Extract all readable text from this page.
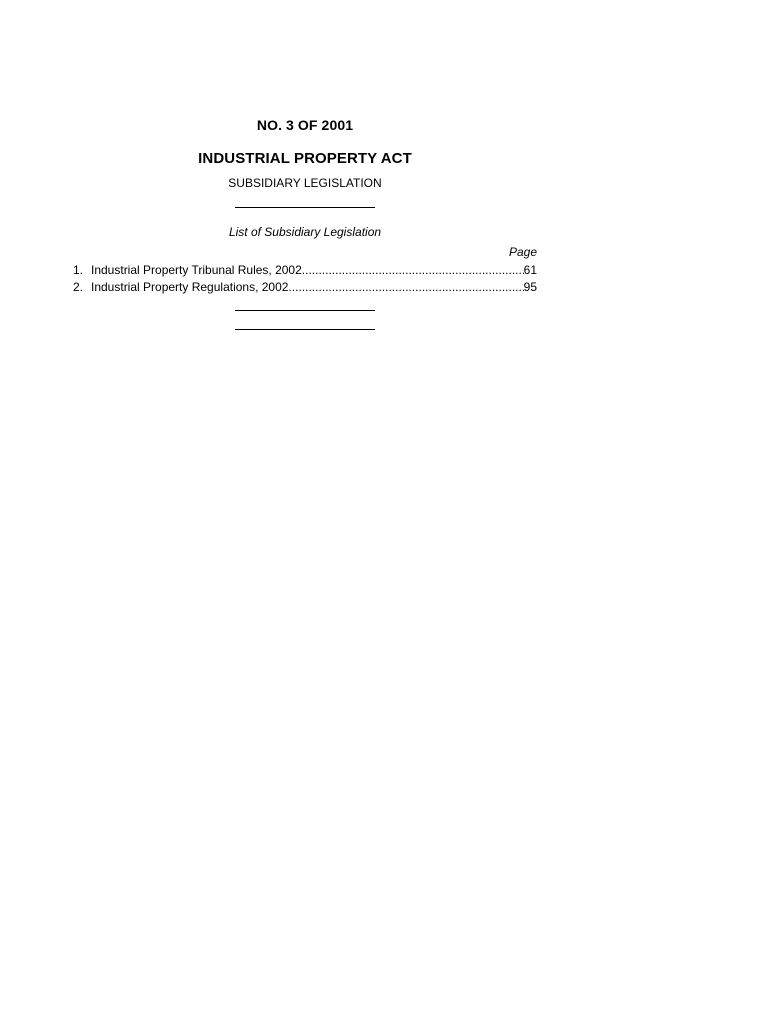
NO. 3 OF 2001
INDUSTRIAL PROPERTY ACT
SUBSIDIARY LEGISLATION
List of Subsidiary Legislation
Page
1. Industrial Property Tribunal Rules, 2002 .....	61
2. Industrial Property Regulations, 2002 .....	95
